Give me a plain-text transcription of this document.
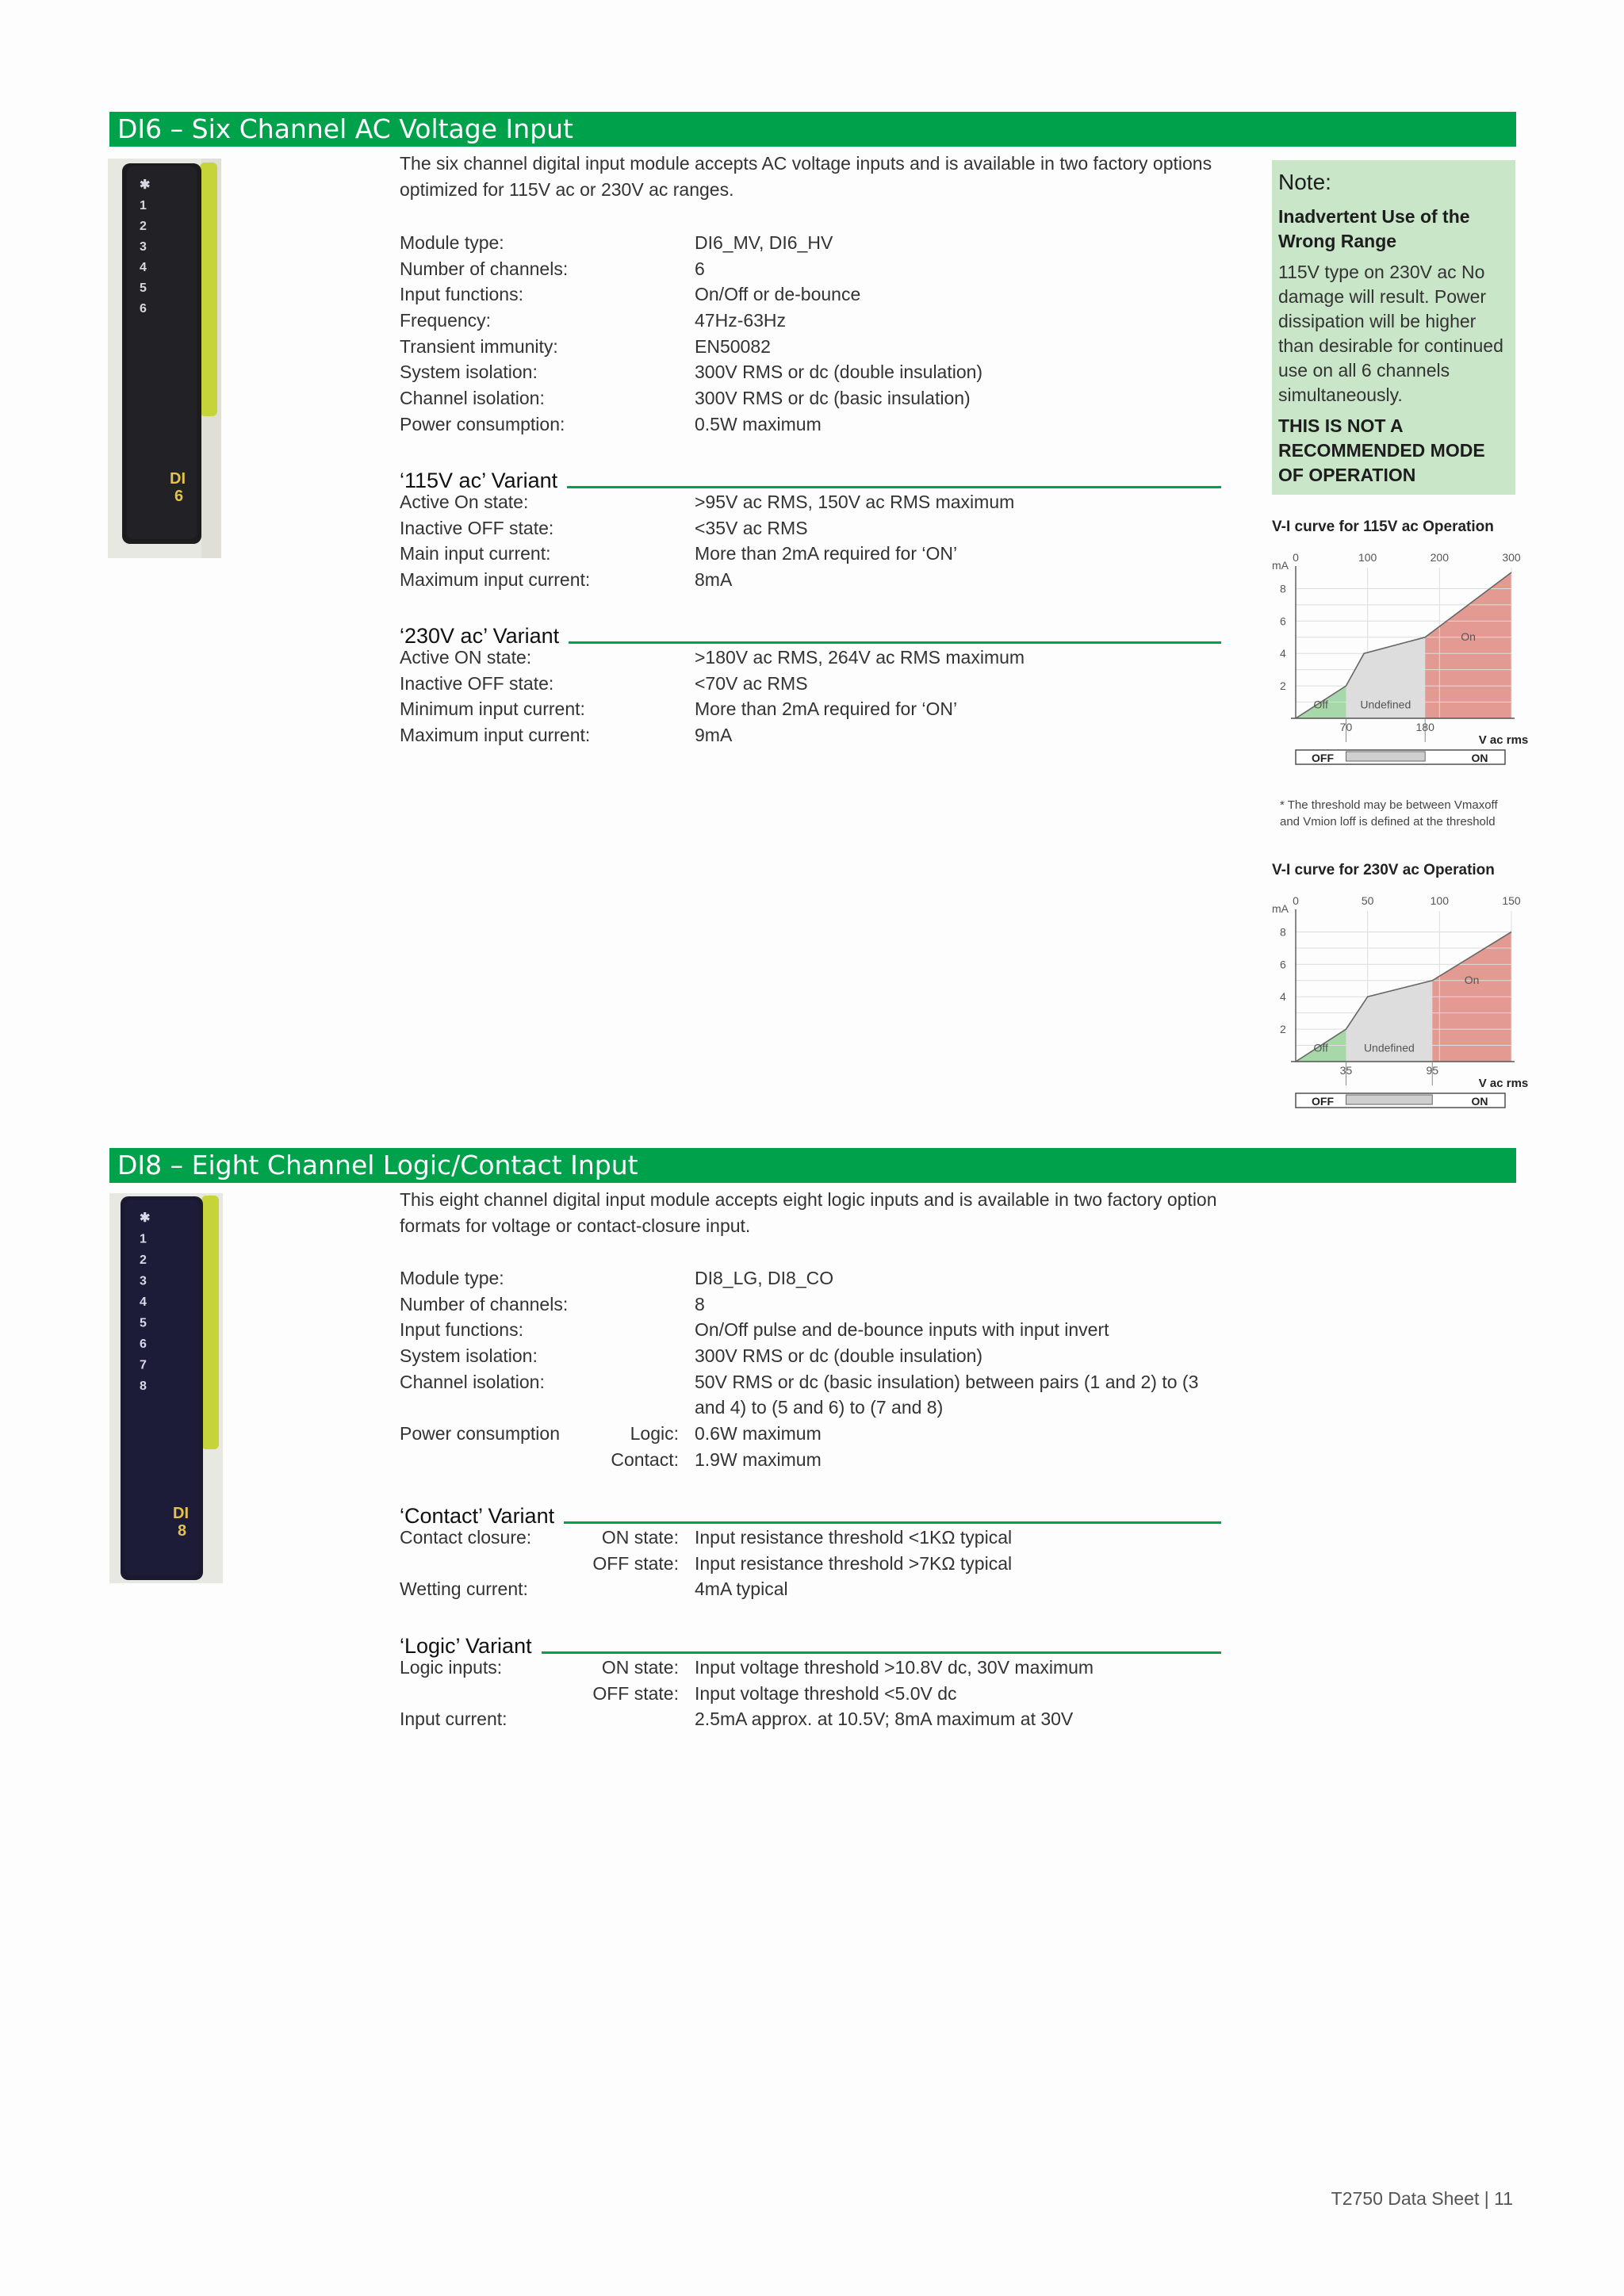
DI6 – Six Channel AC Voltage Input
✱
1
2
3
4
5
6
DI
6
The six channel digital input module accepts AC voltage inputs and is available in two factory options optimized for 115V ac or 230V ac ranges.
Module type:	DI6_MV, DI6_HV
Number of channels:	6
Input functions:	On/Off or de-bounce
Frequency:	47Hz-63Hz
Transient immunity:	EN50082
System isolation:	300V RMS or dc (double insulation)
Channel isolation:	300V RMS or dc (basic insulation)
Power consumption:	0.5W maximum
‘115V ac’ Variant
Active On state:	>95V ac RMS, 150V ac RMS maximum
Inactive OFF state:	<35V ac RMS
Main input current:	More than 2mA required for ‘ON’
Maximum input current:	8mA
‘230V ac’ Variant
Active ON state:	>180V ac RMS, 264V ac RMS maximum
Inactive OFF state:	<70V ac RMS
Minimum input current:	More than 2mA required for ‘ON’
Maximum input current:	9mA
Note:
Inadvertent Use of the Wrong Range
115V type on 230V ac No damage will result. Power dissipation will be higher than desirable for continued use on all 6 channels simultaneously.
THIS IS NOT A RECOMMENDED MODE OF OPERATION
V-I curve for 115V ac Operation
0	100	200	300
mA
2
4
6
8
Off	Undefined
On
70	180
V ac rms
OFF	ON
* The threshold may be between Vmaxoff and Vmion loff is defined at the threshold
V-I curve for 230V ac Operation
0	50	100	150
mA
2
4
6
8
Off	Undefined
On
35	95
V ac rms
OFF	ON
DI8 – Eight Channel Logic/Contact Input
✱
1
2
3
4
5
6
7
8
DI
8
This eight channel digital input module accepts eight logic inputs and is available in two factory option formats for voltage or contact-closure input.
Module type:	DI8_LG, DI8_CO
Number of channels:	8
Input functions:	On/Off pulse and de-bounce inputs with input invert
System isolation:	300V RMS or dc (double insulation)
Channel isolation:	50V RMS or dc (basic insulation) between pairs (1 and 2) to (3 and 4) to (5 and 6) to (7 and 8)
Power consumption	Logic: 0.6W maximum
Contact: 1.9W maximum
‘Contact’ Variant
Contact closure:	ON state: Input resistance threshold <1KΩ typical
OFF state: Input resistance threshold >7KΩ typical
Wetting current:	4mA typical
‘Logic’ Variant
Logic inputs:	ON state: Input voltage threshold >10.8V dc, 30V maximum
OFF state: Input voltage threshold <5.0V dc
Input current:	2.5mA approx. at 10.5V; 8mA maximum at 30V
T2750 Data Sheet | 11
